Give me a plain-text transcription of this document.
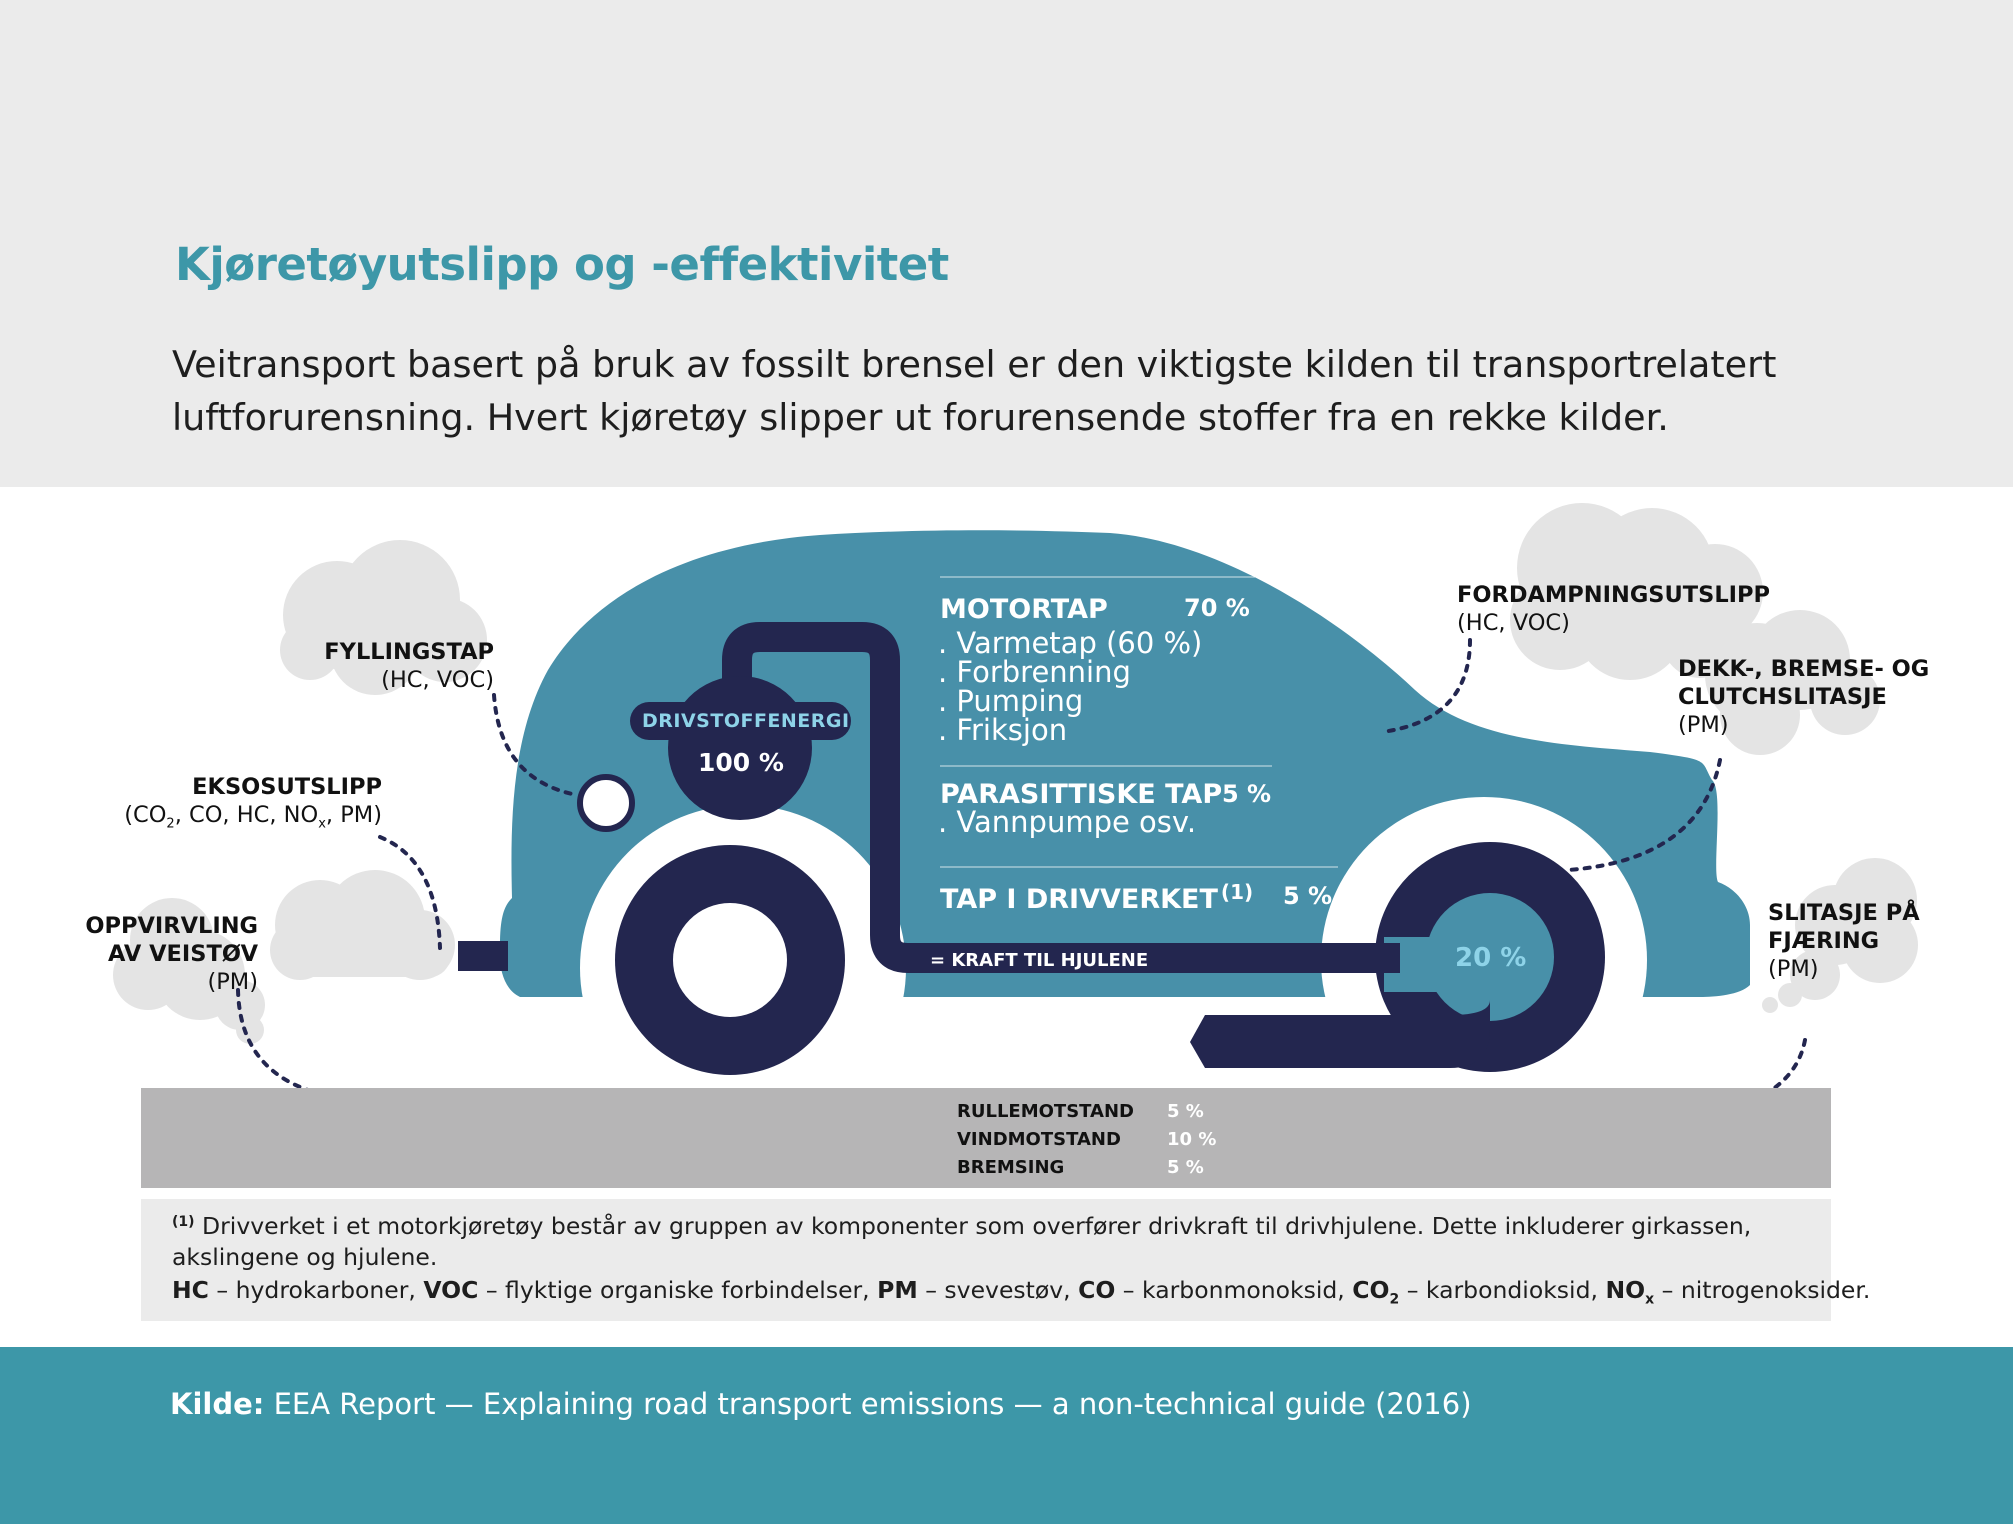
Kjøretøyutslipp og -effektivitet

Veitransport basert på bruk av fossilt brensel er den viktigste kilden til transportrelatert luftforurensning. Hvert kjøretøy slipper ut forurensende stoffer fra en rekke kilder.

FYLLINGSTAP
(HC, VOC)

EKSOSUTSLIPP
($CO_2$, CO, HC, $NO_x$, PM)

OPPVIRVLING
AV VEISTØV
(PM)

FORDAMPNINGSUTSLIPP
(HC, VOC)

DEKK-, BREMSE- OG
CLUTCHSLITASJE
(PM)

SLITASJE PÅ
FJÆRING
(PM)

DRIVSTOFFENERGI

100 %

MOTORTAP	70 %

. Varmetap (60 %)

. Forbrenning

. Pumping

. Friksjon

PARASITTISKE TAP 5 %

. Vannpumpe osv.

TAP I DRIVVERKET $^{(1)}$ 5 %

= KRAFT TIL HJULENE	20 %

RULLEMOTSTAND 5 %

VINDMOTSTAND	10 %

BREMSING	5 %

$^{(1)}$ Drivverket i et motorkjøretøy består av gruppen av komponenter som overfører drivkraft til drivhjulene. Dette inkluderer girkassen, akslingene og hjulene.

HC – hydrokarboner, VOC – flyktige organiske forbindelser, PM – svevestøv, CO – karbonmonoksid, $CO_2$ – karbondioksid, $NO_x$ – nitrogenoksider.

Kilde: EEA Report — Explaining road transport emissions — a non-technical guide (2016)
